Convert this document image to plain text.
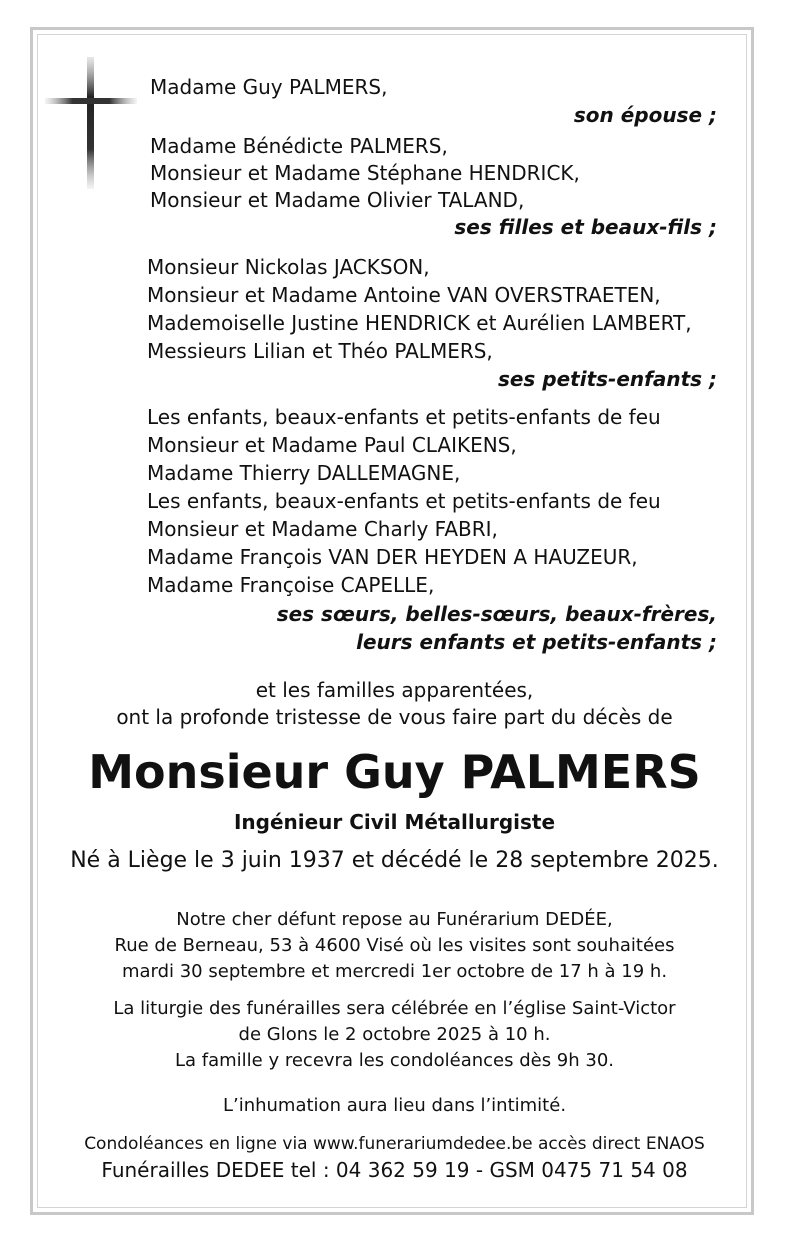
Madame Guy PALMERS,
son épouse ;
Madame Bénédicte PALMERS,
Monsieur et Madame Stéphane HENDRICK,
Monsieur et Madame Olivier TALAND,
ses filles et beaux-fils ;
Monsieur Nickolas JACKSON,
Monsieur et Madame Antoine VAN OVERSTRAETEN,
Mademoiselle Justine HENDRICK et Aurélien LAMBERT,
Messieurs Lilian et Théo PALMERS,
ses petits-enfants ;
Les enfants, beaux-enfants et petits-enfants de feu
Monsieur et Madame Paul CLAIKENS,
Madame Thierry DALLEMAGNE,
Les enfants, beaux-enfants et petits-enfants de feu
Monsieur et Madame Charly FABRI,
Madame François VAN DER HEYDEN A HAUZEUR,
Madame Françoise CAPELLE,
ses sœurs, belles-sœurs, beaux-frères,
leurs enfants et petits-enfants ;
et les familles apparentées,
ont la profonde tristesse de vous faire part du décès de
Monsieur Guy PALMERS
Ingénieur Civil Métallurgiste
Né à Liège le 3 juin 1937 et décédé le 28 septembre 2025.
Notre cher défunt repose au Funérarium DEDÉE,
Rue de Berneau, 53 à 4600 Visé où les visites sont souhaitées
mardi 30 septembre et mercredi 1er octobre de 17 h à 19 h.
La liturgie des funérailles sera célébrée en l’église Saint-Victor
de Glons le 2 octobre 2025 à 10 h.
La famille y recevra les condoléances dès 9h 30.
L’inhumation aura lieu dans l’intimité.
Condoléances en ligne via www.funerariumdedee.be accès direct ENAOS
Funérailles DEDEE tel : 04 362 59 19 - GSM 0475 71 54 08
